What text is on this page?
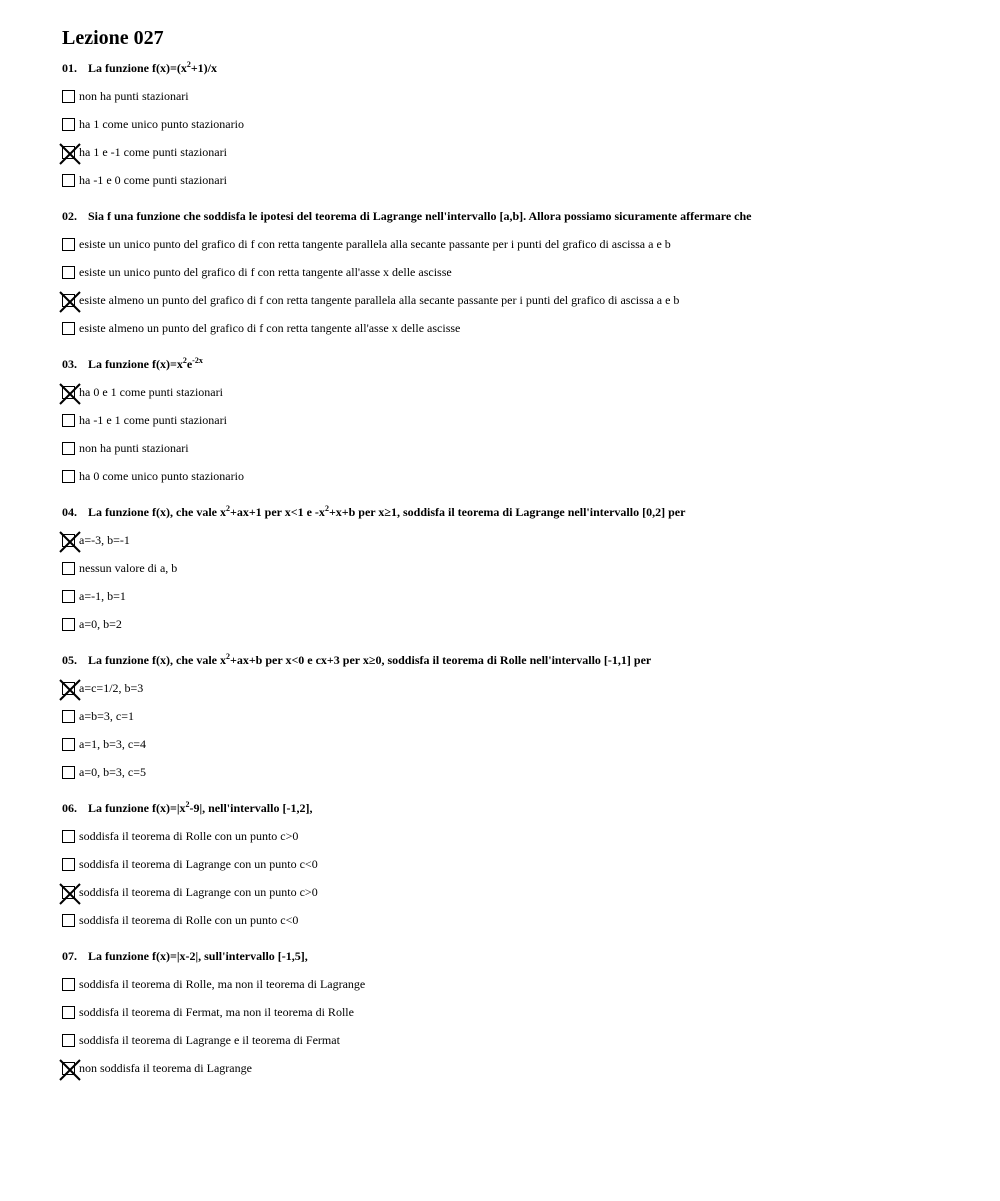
Lezione 027
01. La funzione $f(x)=(x^2+1)/x$
non ha punti stazionari
ha 1 come unico punto stazionario
ha 1 e -1 come punti stazionari
ha -1 e 0 come punti stazionari
02. Sia f una funzione che soddisfa le ipotesi del teorema di Lagrange nell'intervallo [a,b]. Allora possiamo sicuramente affermare che
esiste un unico punto del grafico di f con retta tangente parallela alla secante passante per i punti del grafico di ascissa a e b
esiste un unico punto del grafico di f con retta tangente all'asse x delle ascisse
esiste almeno un punto del grafico di f con retta tangente parallela alla secante passante per i punti del grafico di ascissa a e b
esiste almeno un punto del grafico di f con retta tangente all'asse x delle ascisse
03. La funzione $f(x)=x^2e^{-2x}$
ha 0 e 1 come punti stazionari
ha -1 e 1 come punti stazionari
non ha punti stazionari
ha 0 come unico punto stazionario
04. La funzione f(x), che vale $x^2+ax+1$ per x<1 e $-x^2+x+b$ per x≥1, soddisfa il teorema di Lagrange nell'intervallo [0,2] per
a=-3, b=-1
nessun valore di a, b
a=-1, b=1
a=0, b=2
05. La funzione f(x), che vale $x^2+ax+b$ per x<0 e cx+3 per x≥0, soddisfa il teorema di Rolle nell'intervallo [-1,1] per
a=c=1/2, b=3
a=b=3, c=1
a=1, b=3, c=4
a=0, b=3, c=5
06. La funzione $f(x)=|x^2-9|$, nell'intervallo [-1,2],
soddisfa il teorema di Rolle con un punto c>0
soddisfa il teorema di Lagrange con un punto c<0
soddisfa il teorema di Lagrange con un punto c>0
soddisfa il teorema di Rolle con un punto c<0
07. La funzione f(x)=|x-2|, sull'intervallo [-1,5],
soddisfa il teorema di Rolle, ma non il teorema di Lagrange
soddisfa il teorema di Fermat, ma non il teorema di Rolle
soddisfa il teorema di Lagrange e il teorema di Fermat
non soddisfa il teorema di Lagrange
